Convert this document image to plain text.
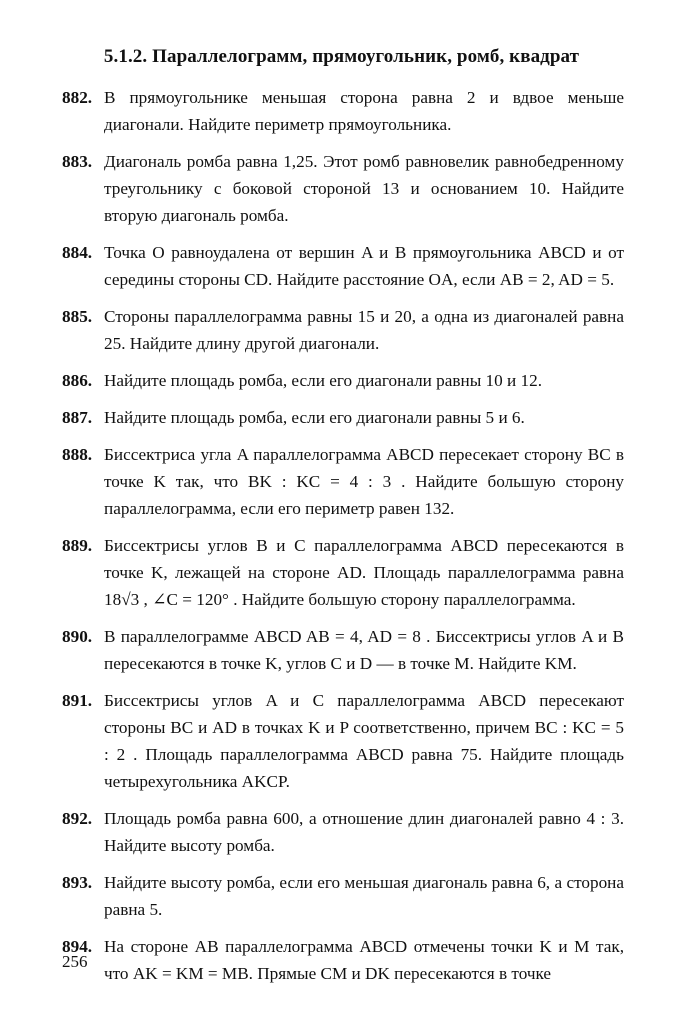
5.1.2. Параллелограмм, прямоугольник, ромб, квадрат
882. В прямоугольнике меньшая сторона равна 2 и вдвое меньше диагонали. Найдите периметр прямоугольника.
883. Диагональ ромба равна 1,25. Этот ромб равновелик равнобедренному треугольнику с боковой стороной 13 и основанием 10. Найдите вторую диагональ ромба.
884. Точка O равноудалена от вершин A и B прямоугольника ABCD и от середины стороны CD. Найдите расстояние OA, если AB = 2, AD = 5.
885. Стороны параллелограмма равны 15 и 20, а одна из диагоналей равна 25. Найдите длину другой диагонали.
886. Найдите площадь ромба, если его диагонали равны 10 и 12.
887. Найдите площадь ромба, если его диагонали равны 5 и 6.
888. Биссектриса угла A параллелограмма ABCD пересекает сторону BC в точке K так, что BK : KC = 4 : 3 . Найдите большую сторону параллелограмма, если его периметр равен 132.
889. Биссектрисы углов B и C параллелограмма ABCD пересекаются в точке K, лежащей на стороне AD. Площадь параллелограмма равна 18√3 , ∠C = 120° . Найдите большую сторону параллелограмма.
890. В параллелограмме ABCD AB = 4, AD = 8 . Биссектрисы углов A и B пересекаются в точке K, углов C и D — в точке M. Найдите KM.
891. Биссектрисы углов A и C параллелограмма ABCD пересекают стороны BC и AD в точках K и P соответственно, причем BC : KC = 5 : 2 . Площадь параллелограмма ABCD равна 75. Найдите площадь четырехугольника AKCP.
892. Площадь ромба равна 600, а отношение длин диагоналей равно 4 : 3. Найдите высоту ромба.
893. Найдите высоту ромба, если его меньшая диагональ равна 6, а сторона равна 5.
894. На стороне AB параллелограмма ABCD отмечены точки K и M так, что AK = KM = MB. Прямые CM и DK пересекаются в точке
256
